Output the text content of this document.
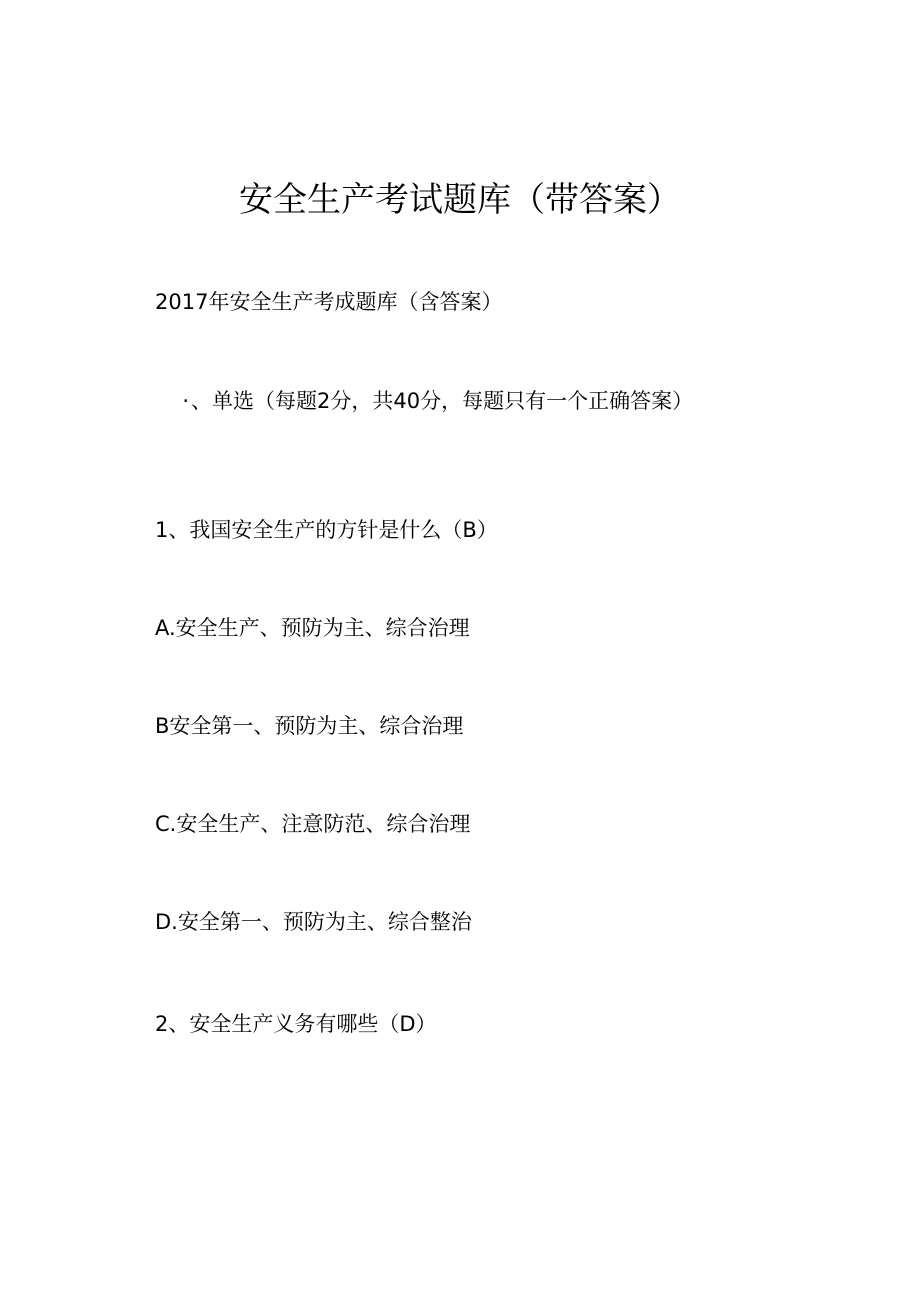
安全生产考试题库（带答案）
2017年安全生产考成题库（含答案）
·、单选（每题2分，共40分，每题只有一个正确答案）
1、我国安全生产的方针是什么（B）
A.安全生产、预防为主、综合治理
B安全第一、预防为主、综合治理
C.安全生产、注意防范、综合治理
D.安全第一、预防为主、综合整治
2、安全生产义务有哪些（D）
